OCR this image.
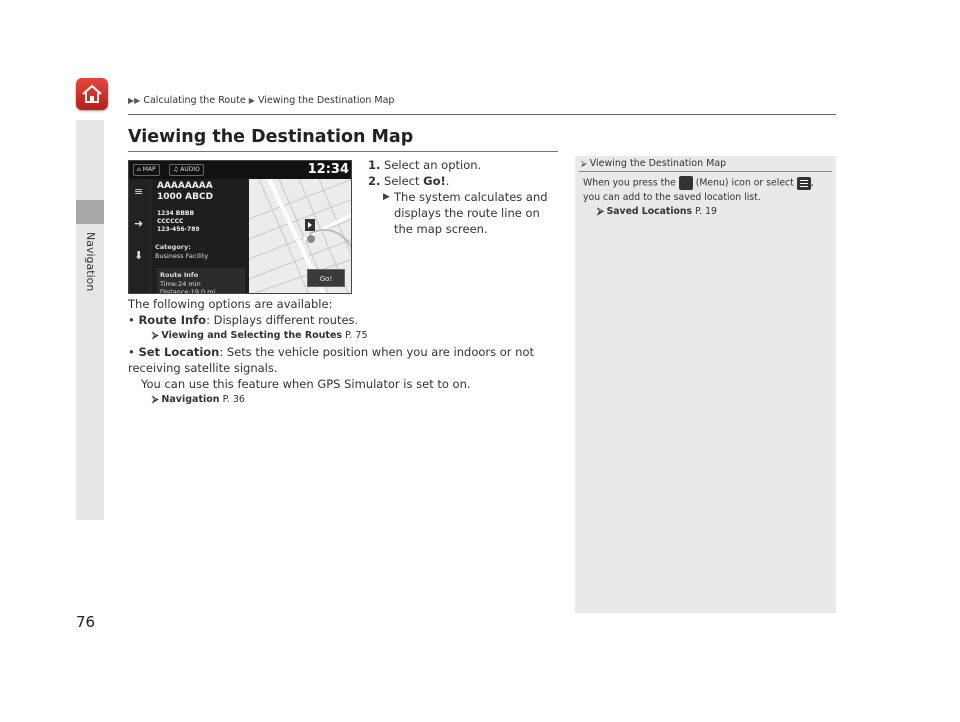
Navigation
76
▶▶ Calculating the Route ▶ Viewing the Destination Map
Viewing the Destination Map
⌂ MAP	♫ AUDIO	12:34
≡
➜
⬇
AAAAAAAA
1000 ABCD
1234 BBBB
CCCCCC
123-456-789
Category:
Business Facility
Route Info
Time:24 min
Distance:19.0 mi
Go!
1. Select an option.
2. Select Go!.
▶ The system calculates and displays the route line on the map screen.
The following options are available:
• Route Info: Displays different routes.
⮚ Viewing and Selecting the Routes P. 75
• Set Location: Sets the vehicle position when you are indoors or not receiving satellite signals.
You can use this feature when GPS Simulator is set to on.
⮚ Navigation P. 36
⮚ Viewing the Destination Map
When you press the  (Menu) icon or select
,
you can add to the saved location list.
⮚ Saved Locations P. 19
